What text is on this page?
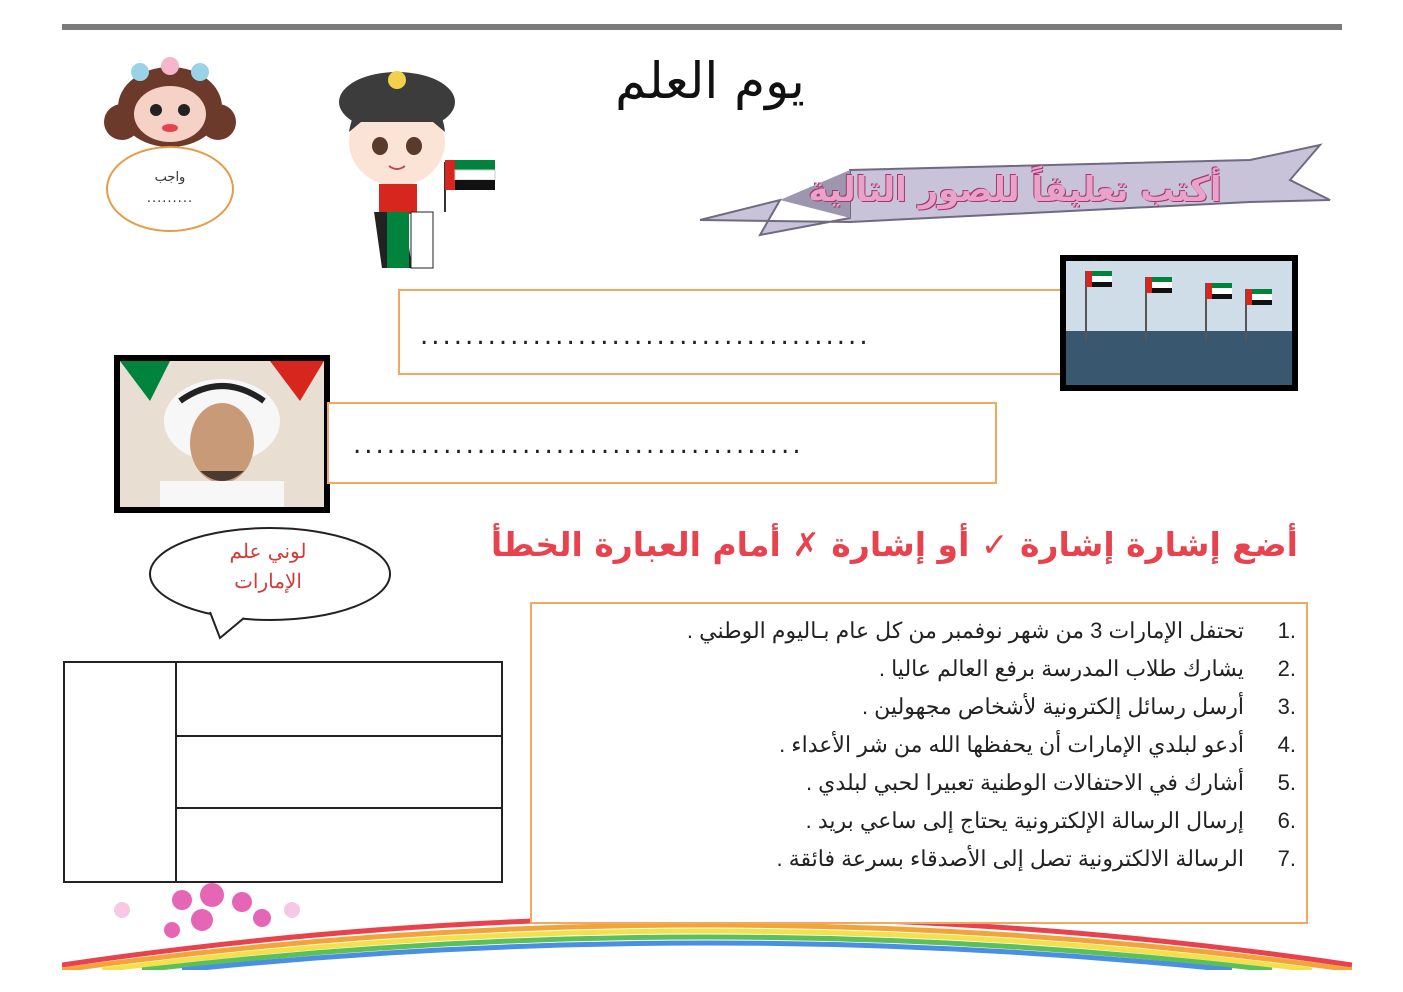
يوم العلم
واجب
.........	أكتب تعليقاً للصور التالية
........................................
........................................
أضع إشارة إشارة ✓ أو إشارة ✗ أمام العبارة الخطأ
لوني علم
الإمارات
.1تحتفل الإمارات 3 من شهر نوفمبر من كل عام بـاليوم الوطني .
.2يشارك طلاب المدرسة برفع العالم عاليا .
.3أرسل رسائل إلكترونية لأشخاص مجهولين .
.4أدعو لبلدي الإمارات أن يحفظها الله من شر الأعداء .
.5أشارك في الاحتفالات الوطنية تعبيرا لحبي لبلدي .
.6إرسال الرسالة الإلكترونية يحتاج إلى ساعي بريد .
.7الرسالة الالكترونية تصل إلى الأصدقاء بسرعة فائقة .
